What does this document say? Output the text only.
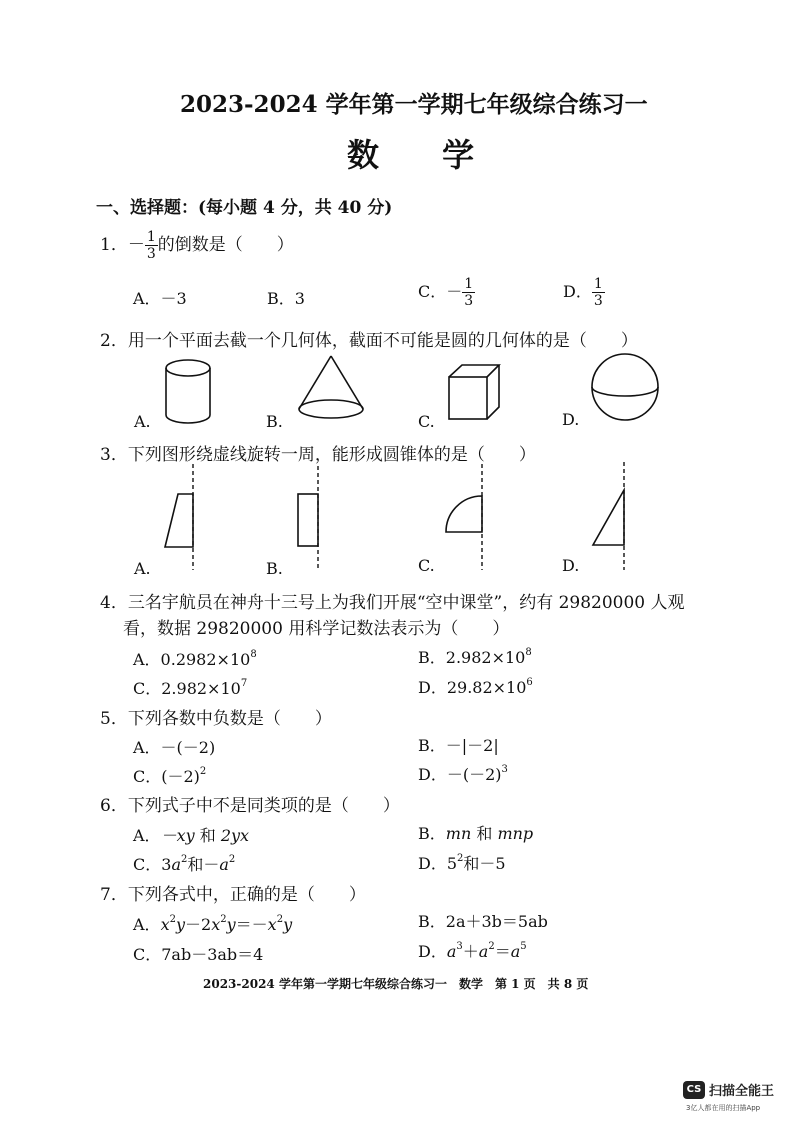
2023-2024 学年第一学期七年级综合练习一
数 学
一、选择题：(每小题 4 分，共 40 分)
1．－ $\frac{1}{3}$ 的倒数是（　　）
A．－3	B．3	C．－ $\frac{1}{3}$	D． $\frac{1}{3}$
2．用一个平面去截一个几何体，截面不可能是圆的几何体的是（　　）
A.	B.	C.	D.
3．下列图形绕虚线旋转一周，能形成圆锥体的是（　　）
A.	B.	C.	D.
4．三名宇航员在神舟十三号上为我们开展“空中课堂”，约有 29820000 人观
看，数据 29820000 用科学记数法表示为（　　）
A．$0.2982\times 10^8$	B．$2.982\times 10^8$
C．$2.982\times 10^7$	D．$29.82\times 10^6$
5．下列各数中负数是（　　）
A．－(－2)	B．－|－2|
C．$(-2)^2$	D．$-(-2)^3$
6．下列式子中不是同类项的是（　　）
A．－xy 和 2yx	B．mn 和 mnp
C．$3a^2$和$-a^2$	D．$5^2$和－5
7．下列各式中，正确的是（　　）
A．$x^2y-2x^2y=-x^2y$	B．2a＋3b＝5ab
C．7ab－3ab＝4	D．$a^3+a^2=a^5$
2023-2024 学年第一学期七年级综合练习一　数学　第 1 页　共 8 页
CS 扫描全能王
3亿人都在用的扫描App
